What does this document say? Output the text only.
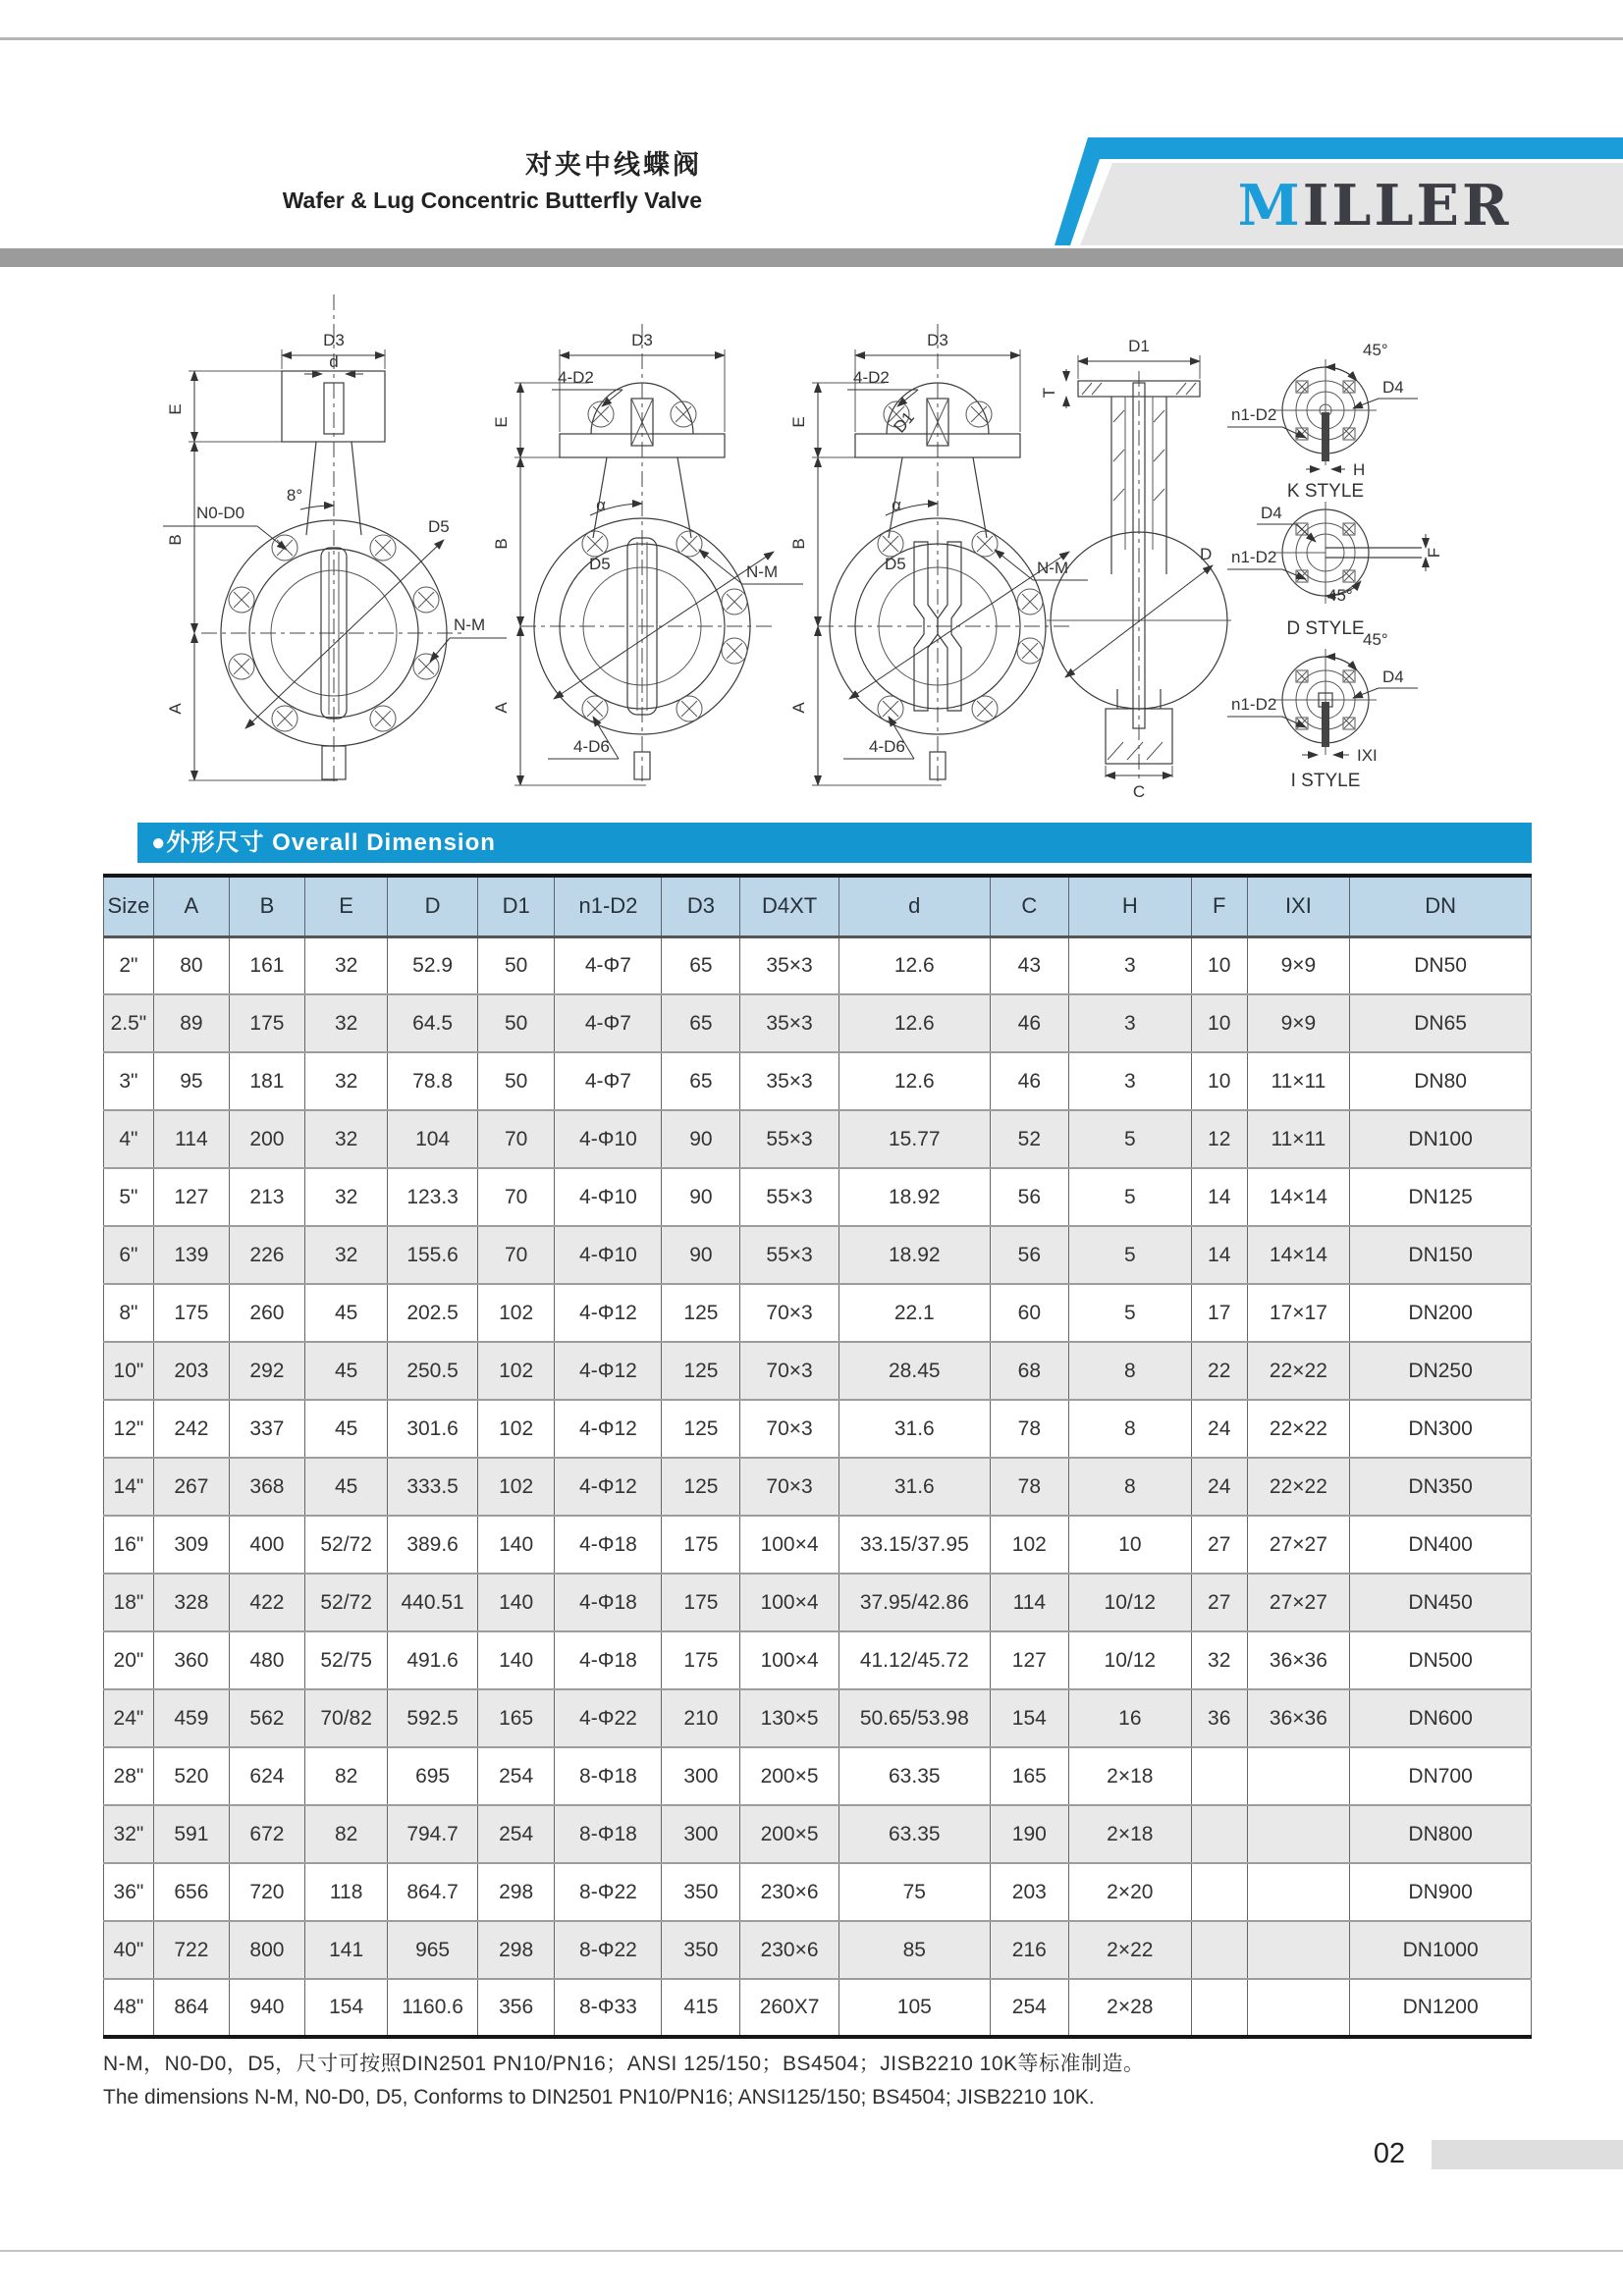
对夹中线蝶阀
Wafer & Lug Concentric Butterfly Valve	MILLER
E
B
A
D3
d
8°
N0-D0
D5
N-M
E
B
A
D3
4-D2
α
N-M
D5
4-D6
E
B
A
D3
D1
4-D2
α
N-M
D5
4-D6
D1
T
D
C
45°
n1-D2
D4
H
K STYLE
F
45°
D4
n1-D2
D STYLE
45°
n1-D2
D4
IXI
I STYLE
●外形尺寸 Overall Dimension
Size	A	B	E	D	D1	n1-D2	D3	D4XT	d	C	H	F	IXI	DN
2"	80	161	32	52.9	50	4-Φ7	65	35×3	12.6	43	3	10	9×9	DN50
2.5"	89	175	32	64.5	50	4-Φ7	65	35×3	12.6	46	3	10	9×9	DN65
3"	95	181	32	78.8	50	4-Φ7	65	35×3	12.6	46	3	10	11×11	DN80
4"	114	200	32	104	70	4-Φ10	90	55×3	15.77	52	5	12	11×11	DN100
5"	127	213	32	123.3	70	4-Φ10	90	55×3	18.92	56	5	14	14×14	DN125
6"	139	226	32	155.6	70	4-Φ10	90	55×3	18.92	56	5	14	14×14	DN150
8"	175	260	45	202.5	102	4-Φ12	125	70×3	22.1	60	5	17	17×17	DN200
10"	203	292	45	250.5	102	4-Φ12	125	70×3	28.45	68	8	22	22×22	DN250
12"	242	337	45	301.6	102	4-Φ12	125	70×3	31.6	78	8	24	22×22	DN300
14"	267	368	45	333.5	102	4-Φ12	125	70×3	31.6	78	8	24	22×22	DN350
16"	309	400	52/72	389.6	140	4-Φ18	175	100×4	33.15/37.95	102	10	27	27×27	DN400
18"	328	422	52/72	440.51	140	4-Φ18	175	100×4	37.95/42.86	114	10/12	27	27×27	DN450
20"	360	480	52/75	491.6	140	4-Φ18	175	100×4	41.12/45.72	127	10/12	32	36×36	DN500
24"	459	562	70/82	592.5	165	4-Φ22	210	130×5	50.65/53.98	154	16	36	36×36	DN600
28"	520	624	82	695	254	8-Φ18	300	200×5	63.35	165	2×18			DN700
32"	591	672	82	794.7	254	8-Φ18	300	200×5	63.35	190	2×18			DN800
36"	656	720	118	864.7	298	8-Φ22	350	230×6	75	203	2×20			DN900
40"	722	800	141	965	298	8-Φ22	350	230×6	85	216	2×22			DN1000
48"	864	940	154	1160.6	356	8-Φ33	415	260X7	105	254	2×28			DN1200
N-M，N0-D0，D5，尺寸可按照DIN2501 PN10/PN16；ANSI 125/150；BS4504；JISB2210 10K等标准制造。
The dimensions N-M, N0-D0, D5, Conforms to DIN2501 PN10/PN16; ANSI125/150; BS4504; JISB2210 10K.
02
